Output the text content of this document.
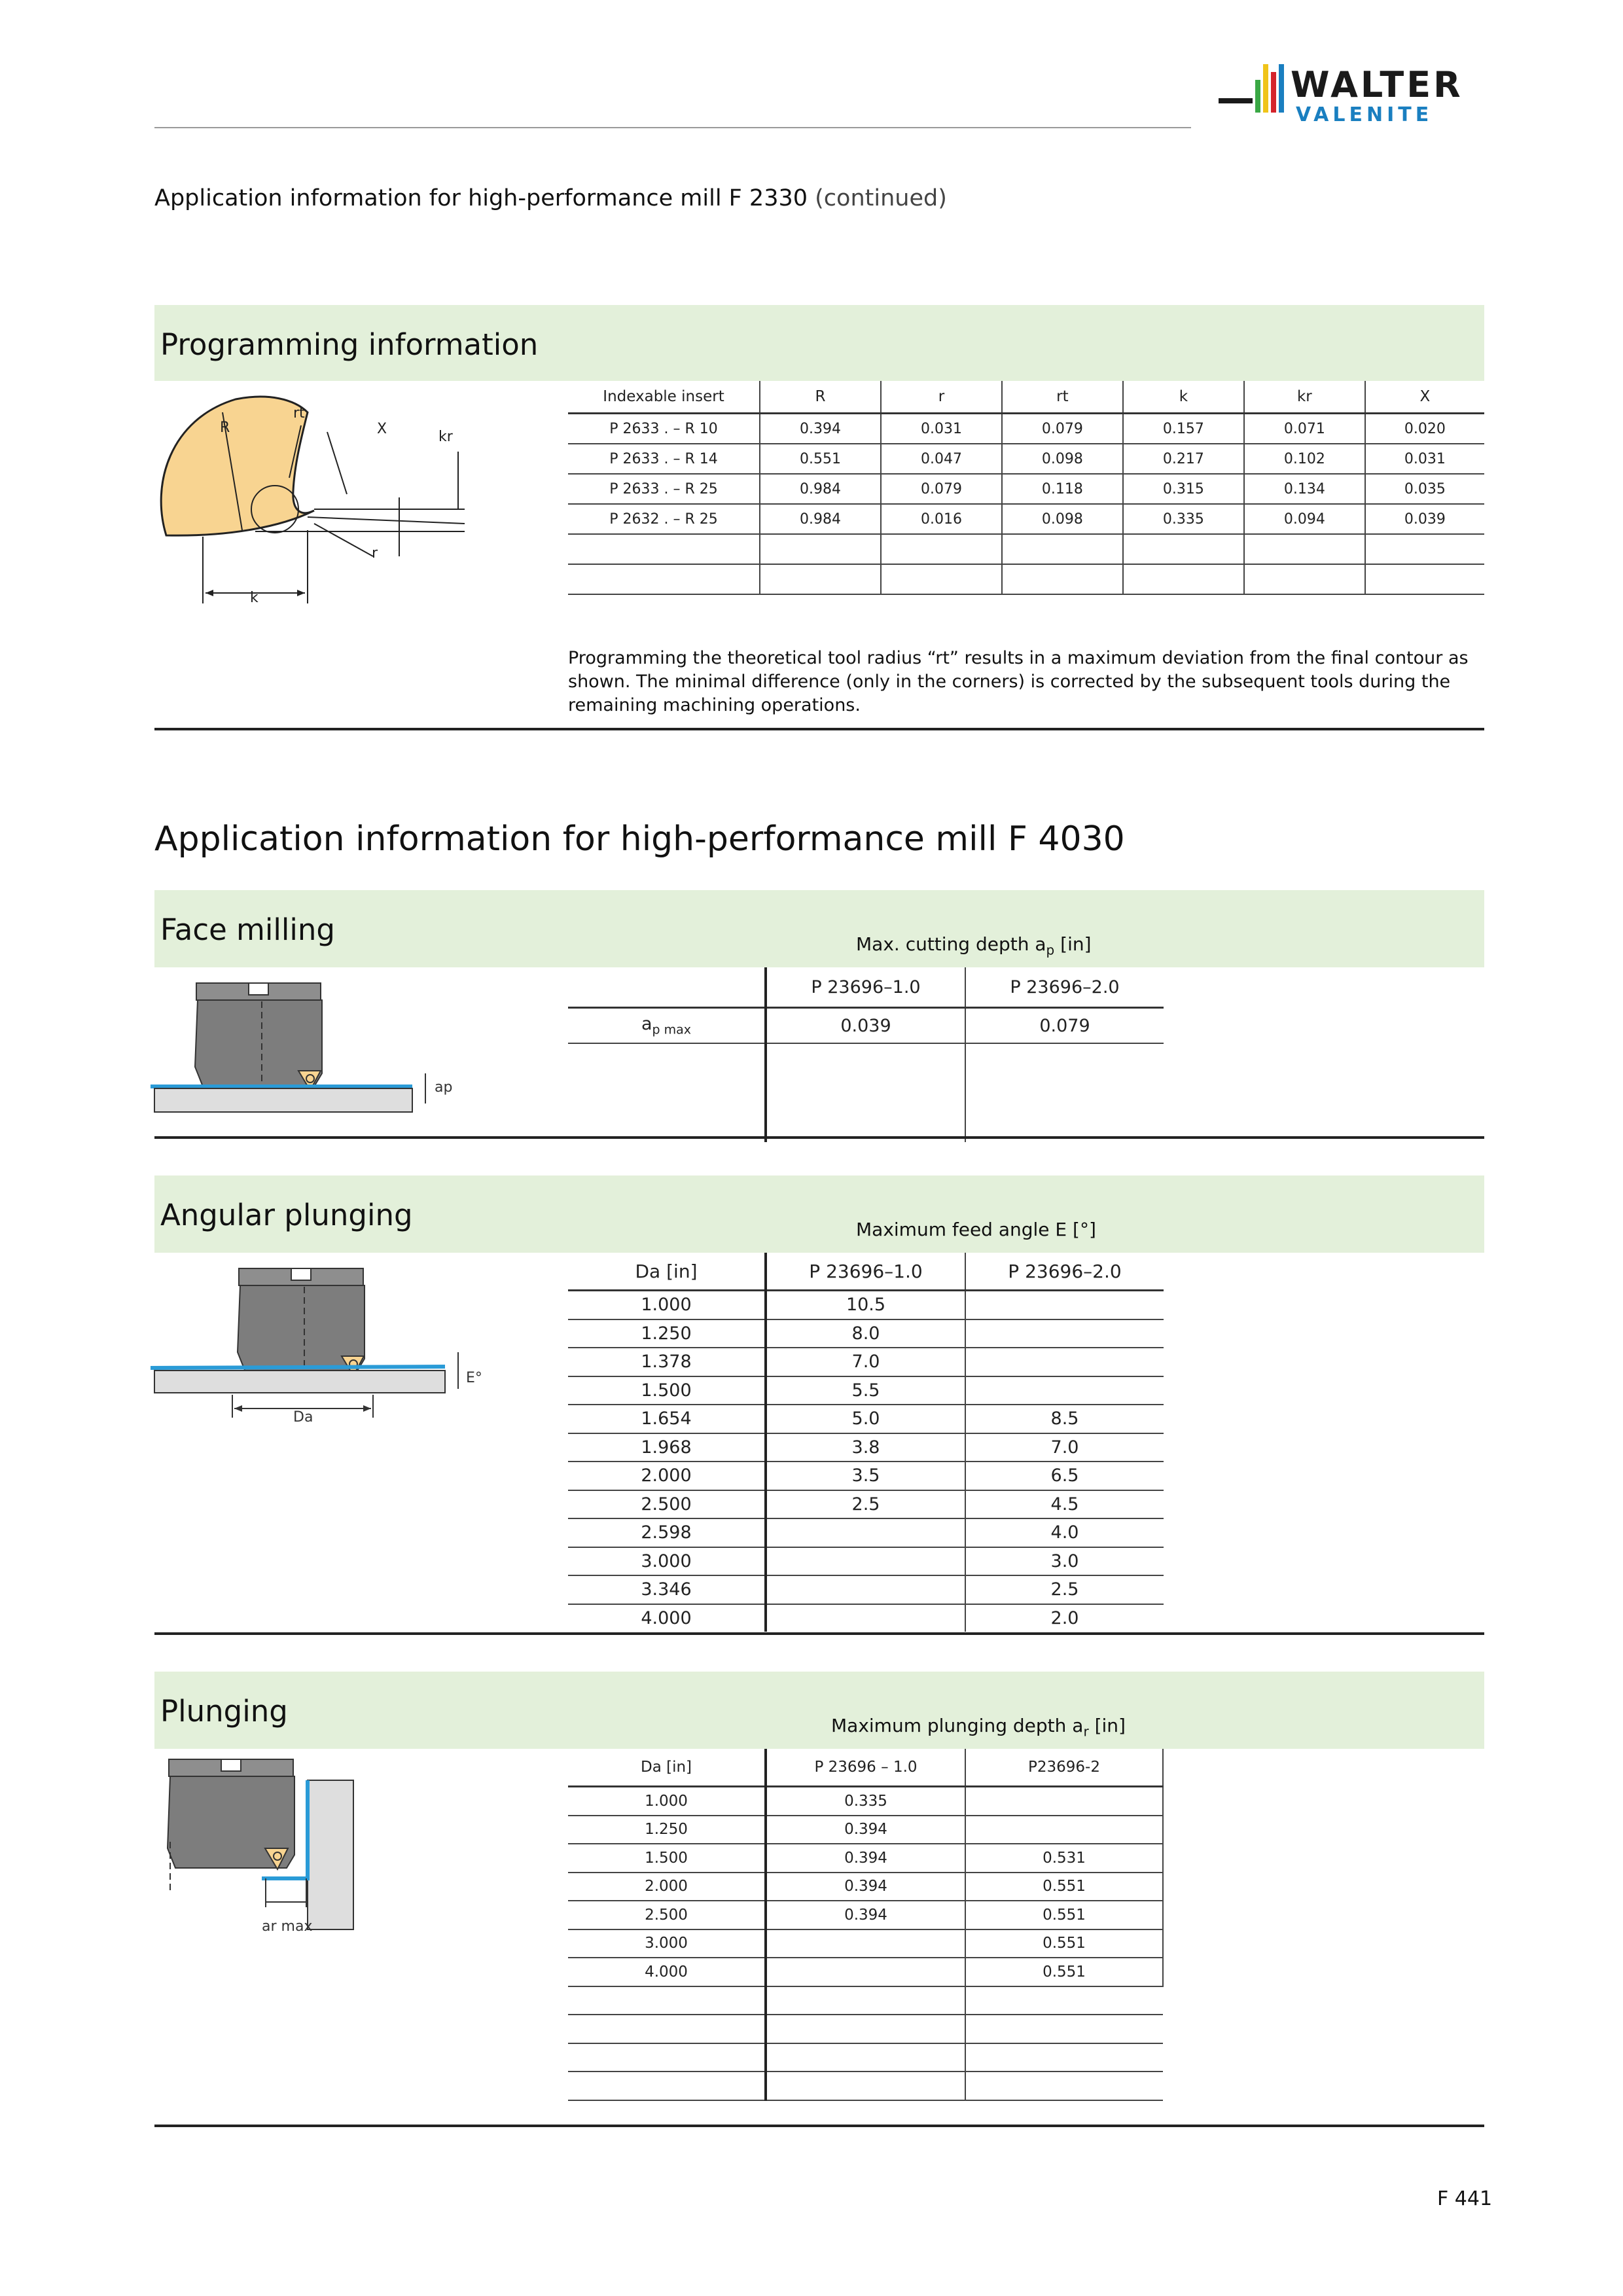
WALTER
VALENITE
Application information for high-performance mill F 2330 (continued)
Programming information
R
rt
X	kr
r
k
Indexable insert	R	r	rt	k	kr	X
P 2633 . – R 10	0.394	0.031	0.079	0.157	0.071	0.020
P 2633 . – R 14	0.551	0.047	0.098	0.217	0.102	0.031
P 2633 . – R 25	0.984	0.079	0.118	0.315	0.134	0.035
P 2632 . – R 25	0.984	0.016	0.098	0.335	0.094	0.039

Programming the theoretical tool radius “rt” results in a maximum deviation from the final contour as shown. The minimal difference (only in the corners) is corrected by the subsequent tools during the remaining machining operations.
Application information for high-performance mill F 4030
Face milling	Max. cutting depth $a_p$ [in]
ap
	P 23696–1.0	P 23696–2.0
$a_{p max}$	0.039	0.079

Angular plunging	Maximum feed angle E [°]
E°
Da
Da [in]	P 23696–1.0	P 23696–2.0
1.000	10.5	
1.250	8.0	
1.378	7.0	
1.500	5.5	
1.654	5.0	8.5
1.968	3.8	7.0
2.000	3.5	6.5
2.500	2.5	4.5
2.598		4.0
3.000		3.0
3.346		2.5
4.000		2.0
Plunging	Maximum plunging depth $a_r$ [in]
ar max
Da [in]	P 23696 – 1.0	P23696-2
1.000	0.335	
1.250	0.394	
1.500	0.394	0.531
2.000	0.394	0.551
2.500	0.394	0.551
3.000		0.551
4.000		0.551

F 441
